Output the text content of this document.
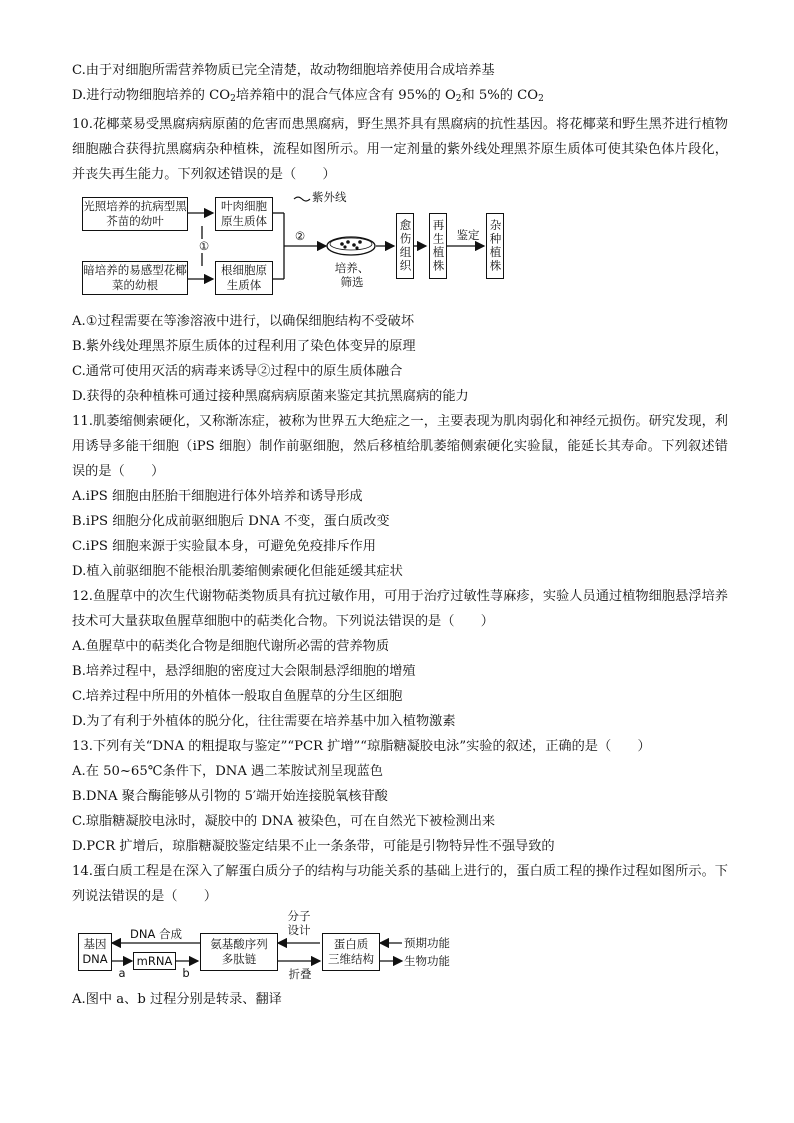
C.由于对细胞所需营养物质已完全清楚，故动物细胞培养使用合成培养基
D.进行动物细胞培养的 $CO_2$培养箱中的混合气体应含有 95%的 $O_2$和 5%的 $CO_2$
10.花椰菜易受黑腐病病原菌的危害而患黑腐病，野生黑芥具有黑腐病的抗性基因。将花椰菜和野生黑芥进行植物细胞融合获得抗黑腐病杂种植株，流程如图所示。用一定剂量的紫外线处理黑芥原生质体可使其染色体片段化，并丧失再生能力。下列叙述错误的是（　　）
光照培养的抗病型黑芥苗的幼叶
暗培养的易感型花椰菜的幼根
①
叶肉细胞原生质体
根细胞原生质体
紫外线
②
培养、筛选
愈伤组织 再生植株 鉴定 杂种植株
A.①过程需要在等渗溶液中进行，以确保细胞结构不受破坏
B.紫外线处理黑芥原生质体的过程利用了染色体变异的原理
C.通常可使用灭活的病毒来诱导②过程中的原生质体融合
D.获得的杂种植株可通过接种黑腐病病原菌来鉴定其抗黑腐病的能力
11.肌萎缩侧索硬化，又称渐冻症，被称为世界五大绝症之一，主要表现为肌肉弱化和神经元损伤。研究发现，利用诱导多能干细胞（iPS 细胞）制作前驱细胞，然后移植给肌萎缩侧索硬化实验鼠，能延长其寿命。下列叙述错误的是（　　）
A.iPS 细胞由胚胎干细胞进行体外培养和诱导形成
B.iPS 细胞分化成前驱细胞后 DNA 不变，蛋白质改变
C.iPS 细胞来源于实验鼠本身，可避免免疫排斥作用
D.植入前驱细胞不能根治肌萎缩侧索硬化但能延缓其症状
12.鱼腥草中的次生代谢物萜类物质具有抗过敏作用，可用于治疗过敏性荨麻疹，实验人员通过植物细胞悬浮培养技术可大量获取鱼腥草细胞中的萜类化合物。下列说法错误的是（　　）
A.鱼腥草中的萜类化合物是细胞代谢所必需的营养物质
B.培养过程中，悬浮细胞的密度过大会限制悬浮细胞的增殖
C.培养过程中所用的外植体一般取自鱼腥草的分生区细胞
D.为了有利于外植体的脱分化，往往需要在培养基中加入植物激素
13.下列有关“DNA 的粗提取与鉴定”“PCR 扩增”“琼脂糖凝胶电泳”实验的叙述，正确的是（　　）
A.在 50~65℃条件下，DNA 遇二苯胺试剂呈现蓝色
B.DNA 聚合酶能够从引物的 5′端开始连接脱氧核苷酸
C.琼脂糖凝胶电泳时，凝胶中的 DNA 被染色，可在自然光下被检测出来
D.PCR 扩增后，琼脂糖凝胶鉴定结果不止一条条带，可能是引物特异性不强导致的
14.蛋白质工程是在深入了解蛋白质分子的结构与功能关系的基础上进行的，蛋白质工程的操作过程如图所示。下列说法错误的是（　　）
基因
DNA
DNA 合成
mRNA
a	b
氨基酸序列
多肽链
分子
设计
折叠
蛋白质
三维结构
预期功能
生物功能
A.图中 a、b 过程分别是转录、翻译
